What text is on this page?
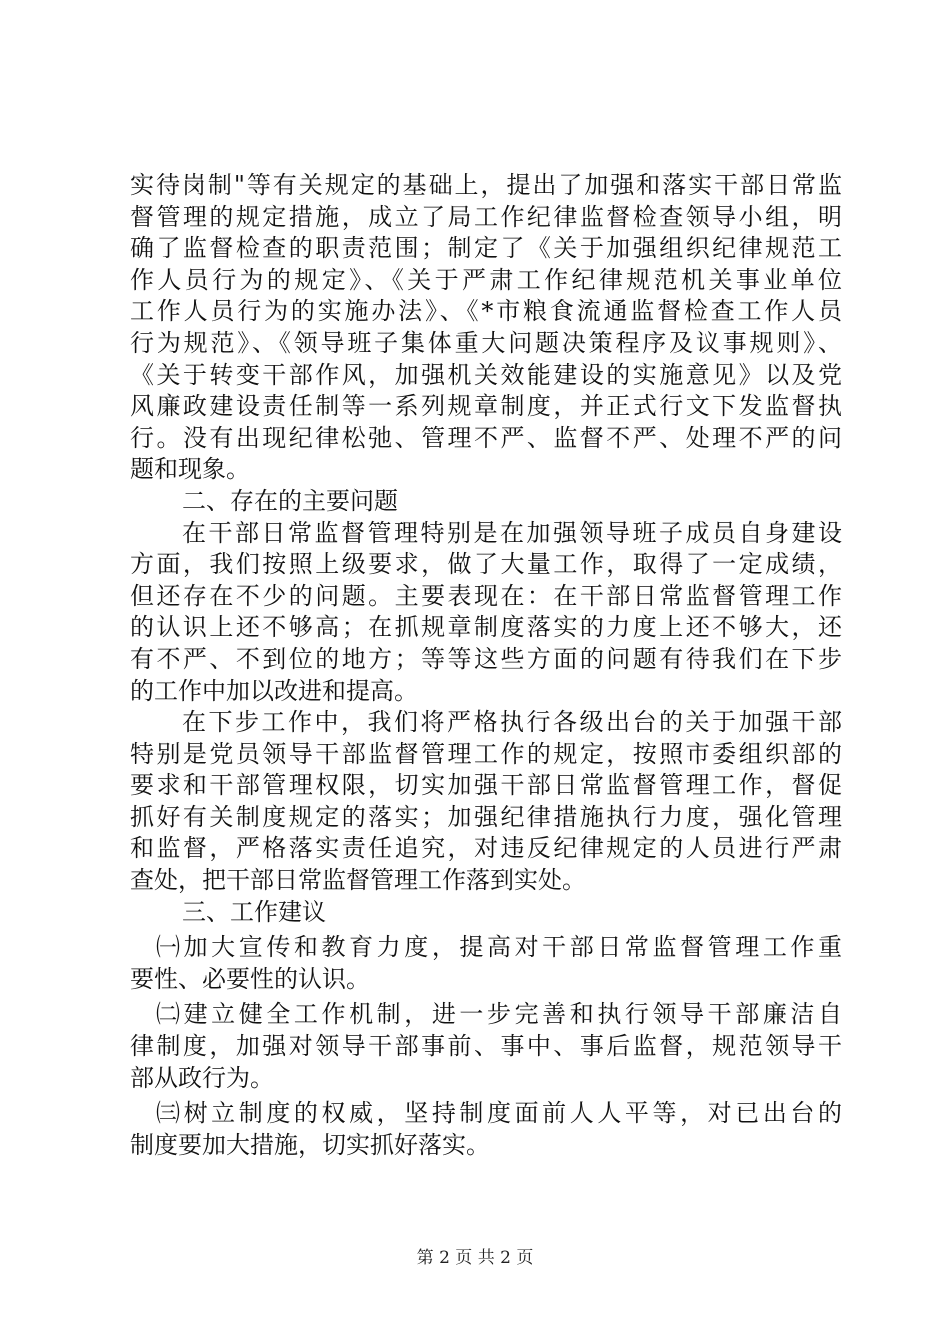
实待岗制"等有关规定的基础上，提出了加强和落实干部日常监
督管理的规定措施，成立了局工作纪律监督检查领导小组，明
确了监督检查的职责范围；制定了《关于加强组织纪律规范工
作人员行为的规定》、《关于严肃工作纪律规范机关事业单位
工作人员行为的实施办法》、《*市粮食流通监督检查工作人员
行为规范》、《领导班子集体重大问题决策程序及议事规则》、
《关于转变干部作风，加强机关效能建设的实施意见》以及党
风廉政建设责任制等一系列规章制度，并正式行文下发监督执
行。没有出现纪律松弛、管理不严、监督不严、处理不严的问
题和现象。
二、存在的主要问题
在干部日常监督管理特别是在加强领导班子成员自身建设
方面，我们按照上级要求，做了大量工作，取得了一定成绩，
但还存在不少的问题。主要表现在：在干部日常监督管理工作
的认识上还不够高；在抓规章制度落实的力度上还不够大，还
有不严、不到位的地方；等等这些方面的问题有待我们在下步
的工作中加以改进和提高。
在下步工作中，我们将严格执行各级出台的关于加强干部
特别是党员领导干部监督管理工作的规定，按照市委组织部的
要求和干部管理权限，切实加强干部日常监督管理工作，督促
抓好有关制度规定的落实；加强纪律措施执行力度，强化管理
和监督，严格落实责任追究，对违反纪律规定的人员进行严肃
查处，把干部日常监督管理工作落到实处。
三、工作建议
㈠加大宣传和教育力度，提高对干部日常监督管理工作重
要性、必要性的认识。
㈡建立健全工作机制，进一步完善和执行领导干部廉洁自
律制度，加强对领导干部事前、事中、事后监督，规范领导干
部从政行为。
㈢树立制度的权威，坚持制度面前人人平等，对已出台的
制度要加大措施，切实抓好落实。
第 2 页 共 2 页
